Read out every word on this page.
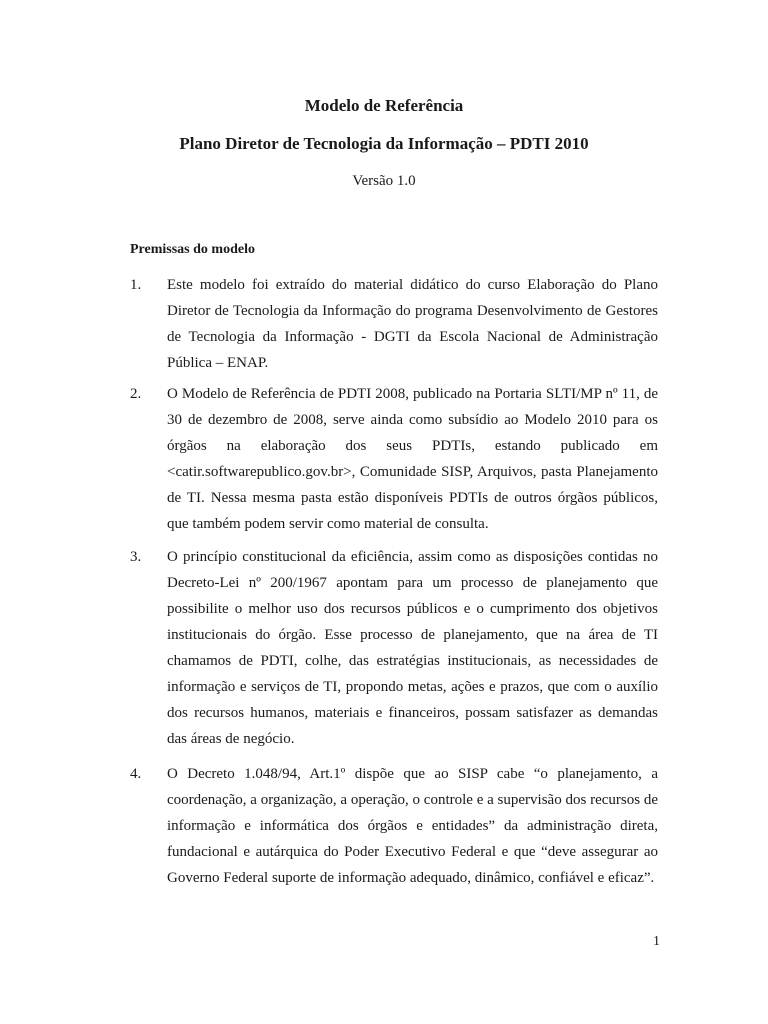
Modelo de Referência
Plano Diretor de Tecnologia da Informação – PDTI 2010

Versão 1.0

Premissas do modelo

1.	Este modelo foi extraído do material didático do curso Elaboração do Plano Diretor de Tecnologia da Informação do programa Desenvolvimento de Gestores de Tecnologia da Informação - DGTI da Escola Nacional de Administração Pública – ENAP.

2.	O Modelo de Referência de PDTI 2008, publicado na Portaria SLTI/MP nº 11, de 30 de dezembro de 2008, serve ainda como subsídio ao Modelo 2010 para os órgãos na elaboração dos seus PDTIs, estando publicado em <catir.softwarepublico.gov.br>, Comunidade SISP, Arquivos, pasta Planejamento de TI. Nessa mesma pasta estão disponíveis PDTIs de outros órgãos públicos, que também podem servir como material de consulta.

3.	O princípio constitucional da eficiência, assim como as disposições contidas no Decreto-Lei nº 200/1967 apontam para um processo de planejamento que possibilite o melhor uso dos recursos públicos e o cumprimento dos objetivos institucionais do órgão. Esse processo de planejamento, que na área de TI chamamos de PDTI, colhe, das estratégias institucionais, as necessidades de informação e serviços de TI, propondo metas, ações e prazos, que com o auxílio dos recursos humanos, materiais e financeiros, possam satisfazer as demandas das áreas de negócio.

4.	O Decreto 1.048/94, Art.1º dispõe que ao SISP cabe “o planejamento, a coordenação, a organização, a operação, o controle e a supervisão dos recursos de informação e informática dos órgãos e entidades” da administração direta, fundacional e autárquica do Poder Executivo Federal e que “deve assegurar ao Governo Federal suporte de informação adequado, dinâmico, confiável e eficaz”.

1
